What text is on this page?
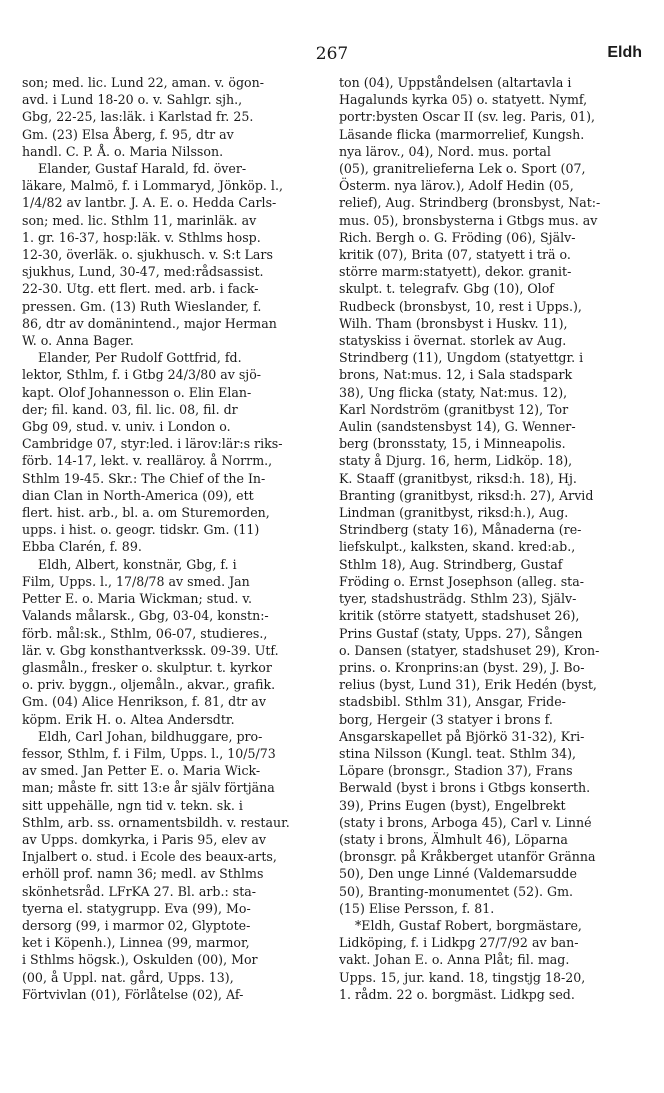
267	Eldh
son; med. lic. Lund 22, aman. v. ögon-
avd. i Lund 18-20 o. v. Sahlgr. sjh.,
Gbg, 22-25, las:läk. i Karlstad fr. 25.
Gm. (23) Elsa Åberg, f. 95, dtr av
handl. C. P. Å. o. Maria Nilsson.
Elander, Gustaf Harald, fd. över-
läkare, Malmö, f. i Lommaryd, Jönköp. l.,
1/4/82 av lantbr. J. A. E. o. Hedda Carls-
son; med. lic. Sthlm 11, marinläk. av
1. gr. 16-37, hosp:läk. v. Sthlms hosp.
12-30, överläk. o. sjukhusch. v. S:t Lars
sjukhus, Lund, 30-47, med:rådsassist.
22-30. Utg. ett flert. med. arb. i fack-
pressen. Gm. (13) Ruth Wieslander, f.
86, dtr av domänintend., major Herman
W. o. Anna Bager.
Elander, Per Rudolf Gottfrid, fd.
lektor, Sthlm, f. i Gtbg 24/3/80 av sjö-
kapt. Olof Johannesson o. Elin Elan-
der; fil. kand. 03, fil. lic. 08, fil. dr
Gbg 09, stud. v. univ. i London o.
Cambridge 07, styr:led. i lärov:lär:s riks-
förb. 14-17, lekt. v. realläroy. å Norrm.,
Sthlm 19-45. Skr.: The Chief of the In-
dian Clan in North-America (09), ett
flert. hist. arb., bl. a. om Sturemorden,
upps. i hist. o. geogr. tidskr. Gm. (11)
Ebba Clarén, f. 89.
Eldh, Albert, konstnär, Gbg, f. i
Film, Upps. l., 17/8/78 av smed. Jan
Petter E. o. Maria Wickman; stud. v.
Valands målarsk., Gbg, 03-04, konstn:-
förb. mål:sk., Sthlm, 06-07, studieres.,
lär. v. Gbg konsthantverkssk. 09-39. Utf.
glasmåln., fresker o. skulptur. t. kyrkor
o. priv. byggn., oljemåln., akvar., grafik.
Gm. (04) Alice Henrikson, f. 81, dtr av
köpm. Erik H. o. Altea Andersdtr.
Eldh, Carl Johan, bildhuggare, pro-
fessor, Sthlm, f. i Film, Upps. l., 10/5/73
av smed. Jan Petter E. o. Maria Wick-
man; måste fr. sitt 13:e år själv förtjäna
sitt uppehälle, ngn tid v. tekn. sk. i
Sthlm, arb. ss. ornamentsbildh. v. restaur.
av Upps. domkyrka, i Paris 95, elev av
Injalbert o. stud. i Ecole des beaux-arts,
erhöll prof. namn 36; medl. av Sthlms
skönhetsråd. LFrKA 27. Bl. arb.: sta-
tyerna el. statygrupp. Eva (99), Mo-
dersorg (99, i marmor 02, Glyptote-
ket i Köpenh.), Linnea (99, marmor,
i Sthlms högsk.), Oskulden (00), Mor
(00, å Uppl. nat. gård, Upps. 13),
Förtvivlan (01), Förlåtelse (02), Af-
ton (04), Uppståndelsen (altartavla i
Hagalunds kyrka 05) o. statyett. Nymf,
portr:bysten Oscar II (sv. leg. Paris, 01),
Läsande flicka (marmorrelief, Kungsh.
nya lärov., 04), Nord. mus. portal
(05), granitrelieferna Lek o. Sport (07,
Österm. nya lärov.), Adolf Hedin (05,
relief), Aug. Strindberg (bronsbyst, Nat:-
mus. 05), bronsbysterna i Gtbgs mus. av
Rich. Bergh o. G. Fröding (06), Själv-
kritik (07), Brita (07, statyett i trä o.
större marm:statyett), dekor. granit-
skulpt. t. telegrafv. Gbg (10), Olof
Rudbeck (bronsbyst, 10, rest i Upps.),
Wilh. Tham (bronsbyst i Huskv. 11),
statyskiss i övernat. storlek av Aug.
Strindberg (11), Ungdom (statyettgr. i
brons, Nat:mus. 12, i Sala stadspark
38), Ung flicka (staty, Nat:mus. 12),
Karl Nordström (granitbyst 12), Tor
Aulin (sandstensbyst 14), G. Wenner-
berg (bronsstaty, 15, i Minneapolis.
staty å Djurg. 16, herm, Lidköp. 18),
K. Staaff (granitbyst, riksd:h. 18), Hj.
Branting (granitbyst, riksd:h. 27), Arvid
Lindman (granitbyst, riksd:h.), Aug.
Strindberg (staty 16), Månaderna (re-
liefskulpt., kalksten, skand. kred:ab.,
Sthlm 18), Aug. Strindberg, Gustaf
Fröding o. Ernst Josephson (alleg. sta-
tyer, stadshusträdg. Sthlm 23), Själv-
kritik (större statyett, stadshuset 26),
Prins Gustaf (staty, Upps. 27), Sången
o. Dansen (statyer, stadshuset 29), Kron-
prins. o. Kronprins:an (byst. 29), J. Bo-
relius (byst, Lund 31), Erik Hedén (byst,
stadsbibl. Sthlm 31), Ansgar, Fride-
borg, Hergeir (3 statyer i brons f.
Ansgarskapellet på Björkö 31-32), Kri-
stina Nilsson (Kungl. teat. Sthlm 34),
Löpare (bronsgr., Stadion 37), Frans
Berwald (byst i brons i Gtbgs konserth.
39), Prins Eugen (byst), Engelbrekt
(staty i brons, Arboga 45), Carl v. Linné
(staty i brons, Älmhult 46), Löparna
(bronsgr. på Kråkberget utanför Gränna
50), Den unge Linné (Valdemarsudde
50), Branting-monumentet (52). Gm.
(15) Elise Persson, f. 81.
*Eldh, Gustaf Robert, borgmästare,
Lidköping, f. i Lidkpg 27/7/92 av ban-
vakt. Johan E. o. Anna Plåt; fil. mag.
Upps. 15, jur. kand. 18, tingstjg 18-20,
1. rådm. 22 o. borgmäst. Lidkpg sed.
